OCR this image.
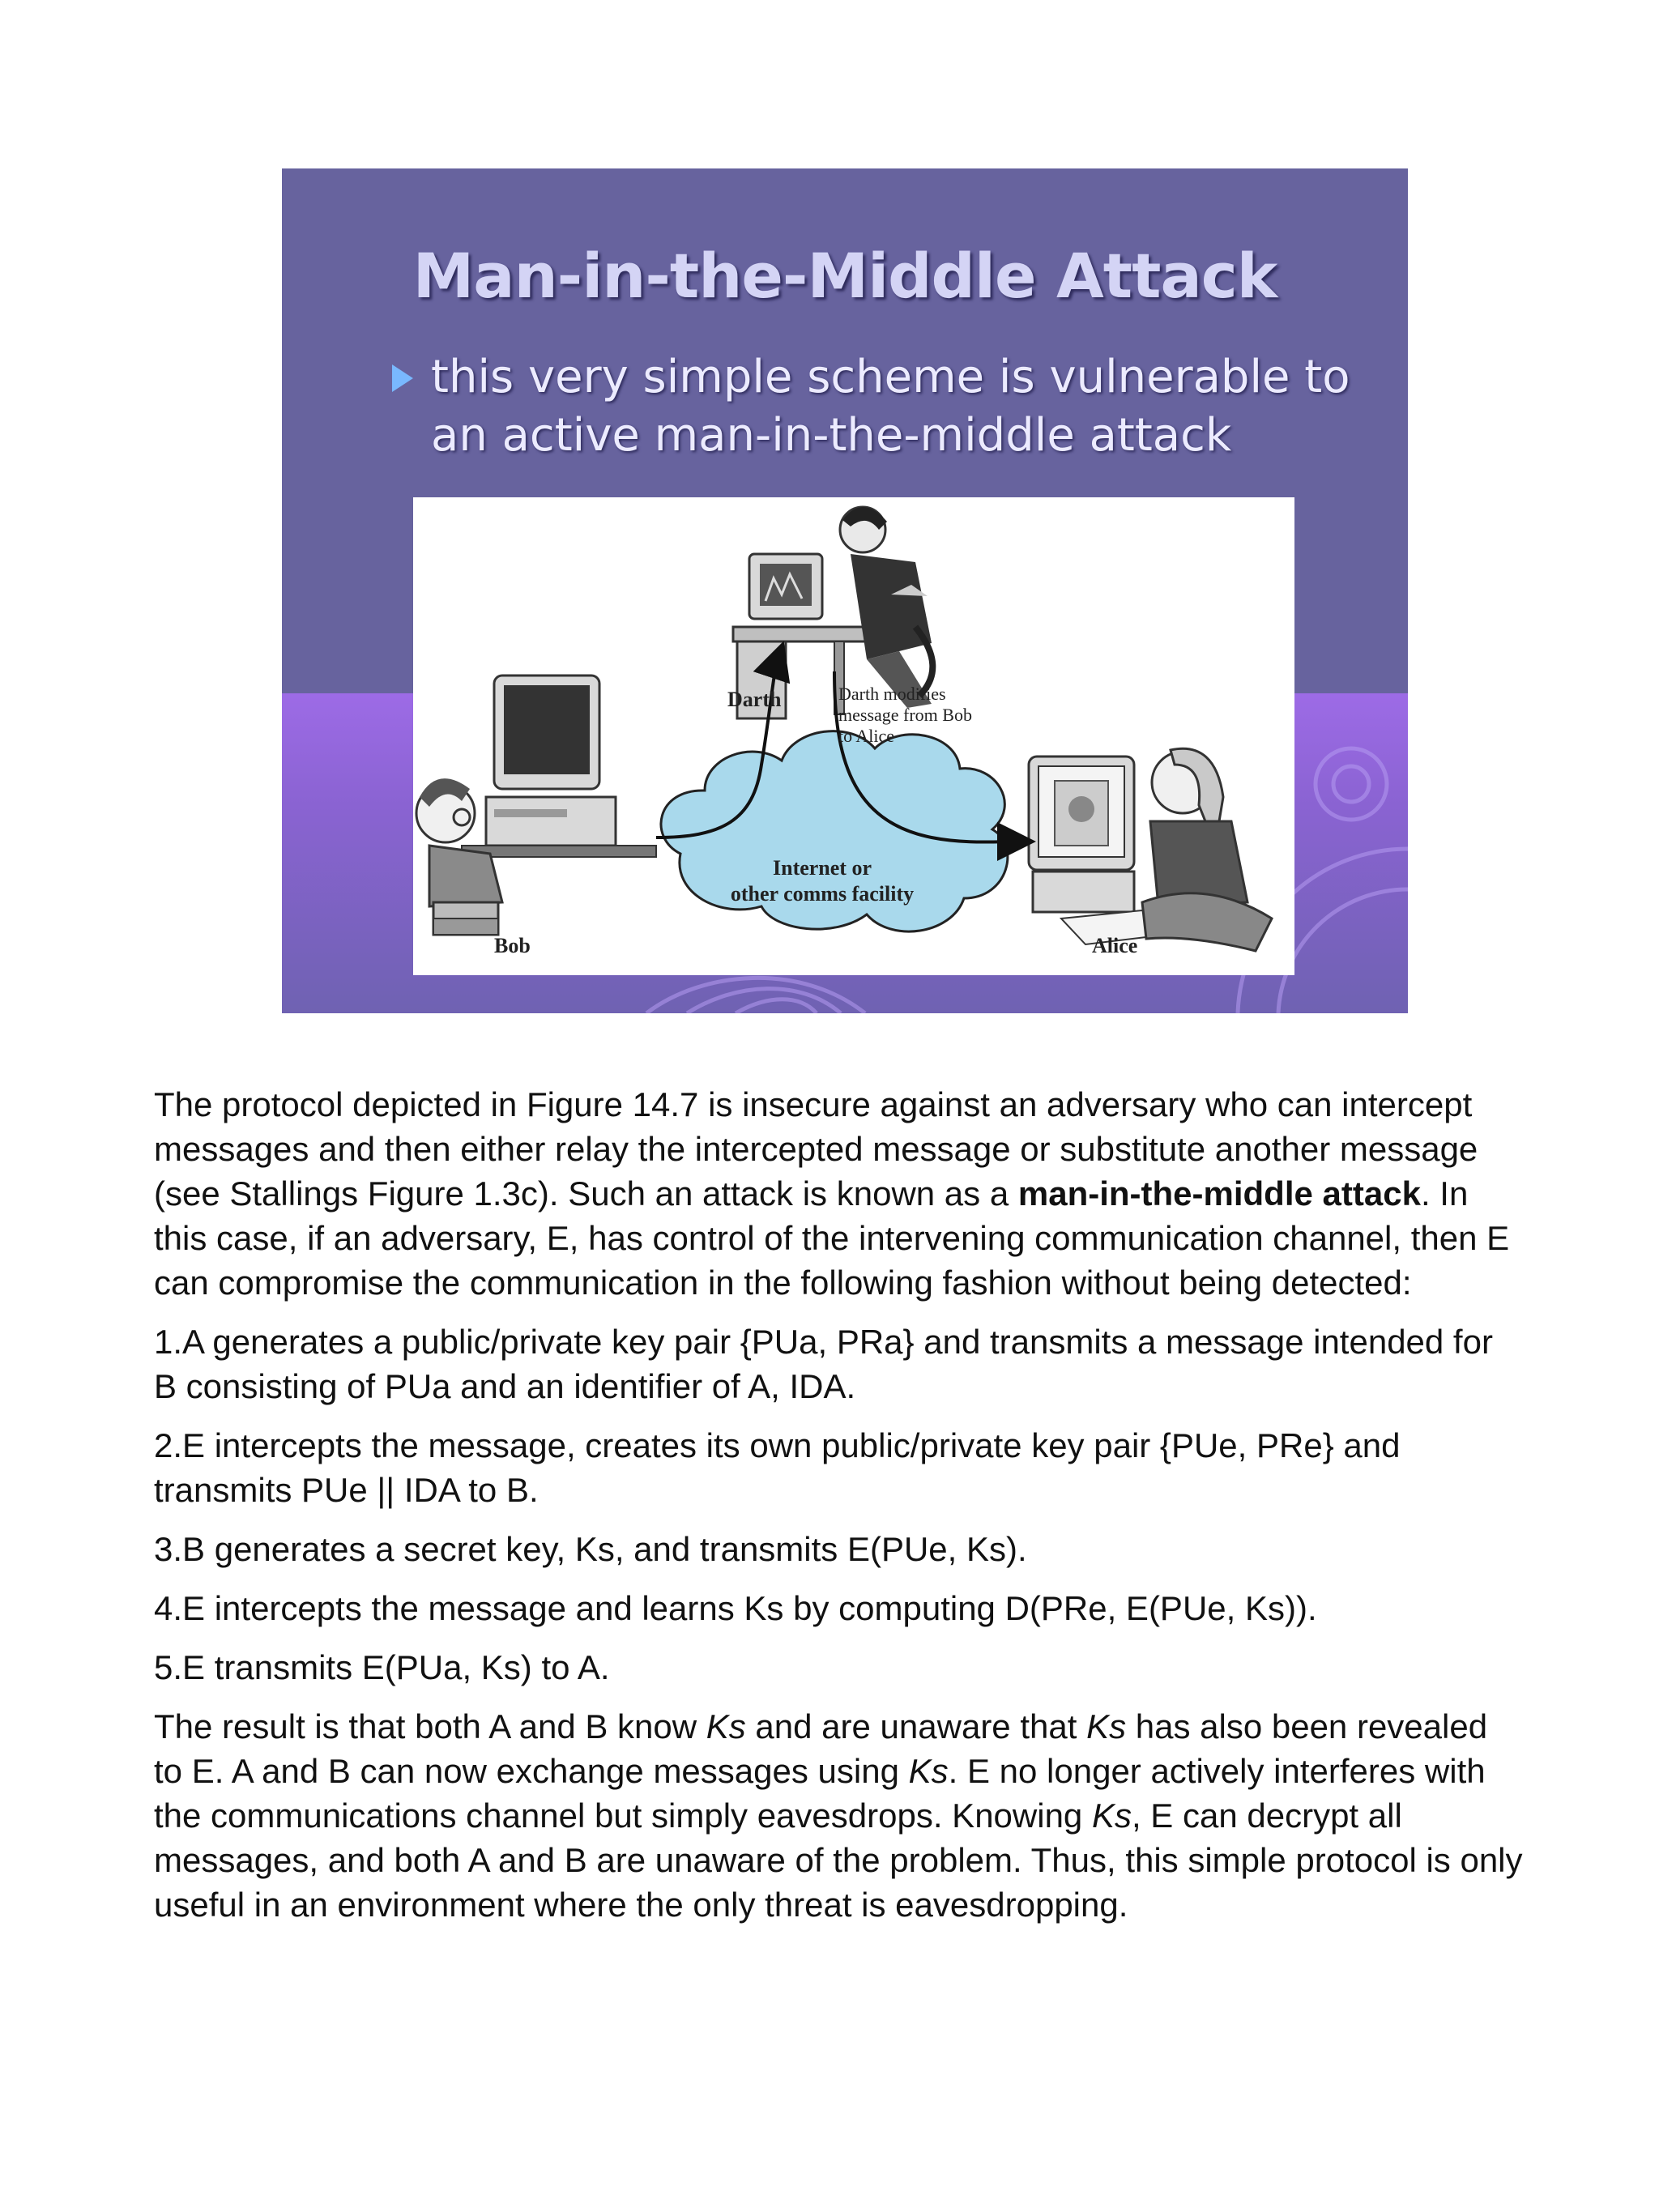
Man-in-the-Middle Attack
this very simple scheme is vulnerable to an active man-in-the-middle attack
Darth	Darth modifies
message from Bob
to Alice
Internet or
other comms facility
Bob	Alice

The protocol depicted in Figure 14.7 is insecure against an adversary who can intercept messages and then either relay the intercepted message or substitute another message (see Stallings Figure 1.3c). Such an attack is known as a man-in-the-middle attack. In this case, if an adversary, E, has control of the intervening communication channel, then E can compromise the communication in the following fashion without being detected:

1.A generates a public/private key pair {PUa, PRa} and transmits a message intended for B consisting of PUa and an identifier of A, IDA.
2.E intercepts the message, creates its own public/private key pair {PUe, PRe} and transmits PUe || IDA to B.
3.B generates a secret key, Ks, and transmits E(PUe, Ks).
4.E intercepts the message and learns Ks by computing D(PRe, E(PUe, Ks)).
5.E transmits E(PUa, Ks) to A.

The result is that both A and B know Ks and are unaware that Ks has also been revealed to E. A and B can now exchange messages using Ks. E no longer actively interferes with the communications channel but simply eavesdrops. Knowing Ks, E can decrypt all messages, and both A and B are unaware of the problem. Thus, this simple protocol is only useful in an environment where the only threat is eavesdropping.
